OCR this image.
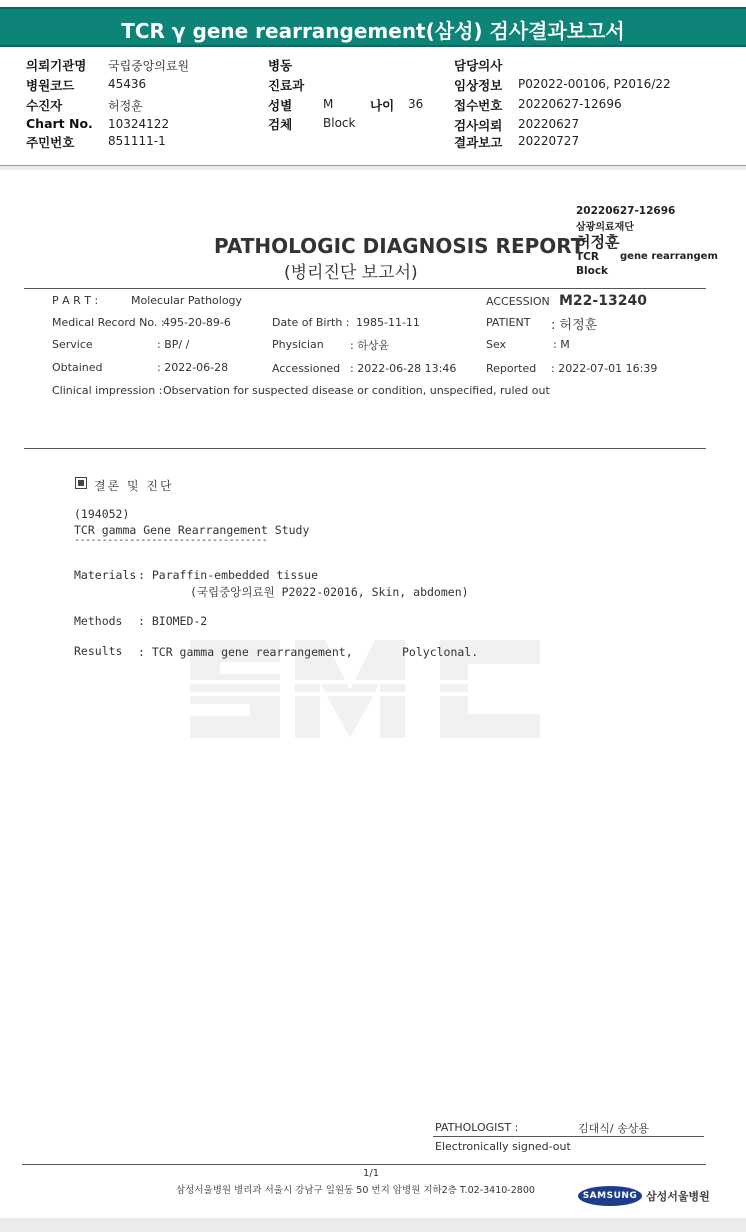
TCR γ gene rearrangement(삼성) 검사결과보고서
의뢰기관명 국립중앙의료원
병원코드	45436
수진자	허정훈
Chart No. 10324122
주민번호	851111-1
병동
진료과
성별	M	나이 36
검체	Block
담당의사
임상정보 P02022-00106, P2016/22
접수번호 20220627-12696
검사의뢰 20220627
결과보고 20220727
20220627-12696
삼광의료재단
허정훈
TCR gene rearrangem
Block
PATHOLOGIC DIAGNOSIS REPORT
(병리진단 보고서)
P A R T :	Molecular Pathology	ACCESSION M22-13240
Medical Record No. :
495-20-89-6	Date of Birth : 1985-11-11	PATIENT : 허정훈
Service	: BP/ /	Physician : 하상윤	Sex	: M
Obtained	: 2022-06-28	Accessioned : 2022-06-28 13:46	Reported : 2022-07-01 16:39
Clinical impression : Observation for suspected disease or condition, unspecified, ruled out
결론 및 진단
(194052)
TCR gamma Gene Rearrangement Study
-----------------------------------
Materials : Paraffin-embedded tissue
(국립중앙의료원 P2022-02016, Skin, abdomen)
Methods : BIOMED-2
Results : TCR gamma gene rearrangement,	Polyclonal.
PATHOLOGIST :	김대식/ 송상용
Electronically signed-out
1/1
삼성서울병원 병리과 서울시 강남구 일원동 50 번지 암병원 지하2층 T.02-3410-2800	SAMSUNG 삼성서울병원
